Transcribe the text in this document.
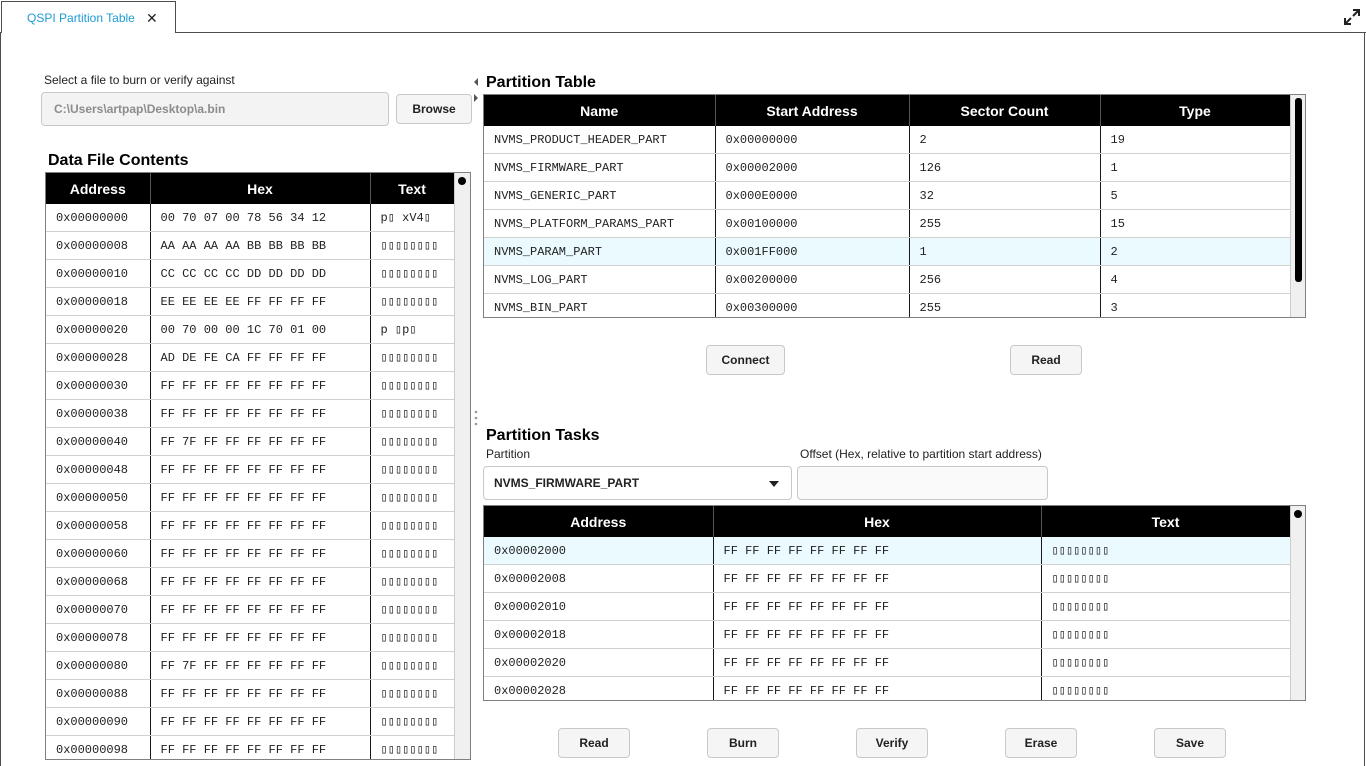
QSPI Partition Table ✕
Select a file to burn or verify against
C:\Users\artpap\Desktop\a.bin	Browse
Data File Contents
Address	Hex	Text
0x00000000	00 70 07 00 78 56 34 12	p▯ xV4▯
0x00000008	AA AA AA AA BB BB BB BB	▯▯▯▯▯▯▯▯
0x00000010	CC CC CC CC DD DD DD DD	▯▯▯▯▯▯▯▯
0x00000018	EE EE EE EE FF FF FF FF	▯▯▯▯▯▯▯▯
0x00000020	00 70 00 00 1C 70 01 00	p ▯p▯
0x00000028	AD DE FE CA FF FF FF FF	▯▯▯▯▯▯▯▯
0x00000030	FF FF FF FF FF FF FF FF	▯▯▯▯▯▯▯▯
0x00000038	FF FF FF FF FF FF FF FF	▯▯▯▯▯▯▯▯
0x00000040	FF 7F FF FF FF FF FF FF	▯▯▯▯▯▯▯▯
0x00000048	FF FF FF FF FF FF FF FF	▯▯▯▯▯▯▯▯
0x00000050	FF FF FF FF FF FF FF FF	▯▯▯▯▯▯▯▯
0x00000058	FF FF FF FF FF FF FF FF	▯▯▯▯▯▯▯▯
0x00000060	FF FF FF FF FF FF FF FF	▯▯▯▯▯▯▯▯
0x00000068	FF FF FF FF FF FF FF FF	▯▯▯▯▯▯▯▯
0x00000070	FF FF FF FF FF FF FF FF	▯▯▯▯▯▯▯▯
0x00000078	FF FF FF FF FF FF FF FF	▯▯▯▯▯▯▯▯
0x00000080	FF 7F FF FF FF FF FF FF	▯▯▯▯▯▯▯▯
0x00000088	FF FF FF FF FF FF FF FF	▯▯▯▯▯▯▯▯
0x00000090	FF FF FF FF FF FF FF FF	▯▯▯▯▯▯▯▯
0x00000098	FF FF FF FF FF FF FF FF	▯▯▯▯▯▯▯▯
Partition Table
Name	Start Address	Sector Count	Type
NVMS_PRODUCT_HEADER_PART	0x00000000	2	19
NVMS_FIRMWARE_PART	0x00002000	126	1
NVMS_GENERIC_PART	0x000E0000	32	5
NVMS_PLATFORM_PARAMS_PART	0x00100000	255	15
NVMS_PARAM_PART	0x001FF000	1	2
NVMS_LOG_PART	0x00200000	256	4
NVMS_BIN_PART	0x00300000	255	3
Connect	Read
Partition Tasks
Partition	Offset (Hex, relative to partition start address)
NVMS_FIRMWARE_PART
Address	Hex	Text
0x00002000	FF FF FF FF FF FF FF FF	▯▯▯▯▯▯▯▯
0x00002008	FF FF FF FF FF FF FF FF	▯▯▯▯▯▯▯▯
0x00002010	FF FF FF FF FF FF FF FF	▯▯▯▯▯▯▯▯
0x00002018	FF FF FF FF FF FF FF FF	▯▯▯▯▯▯▯▯
0x00002020	FF FF FF FF FF FF FF FF	▯▯▯▯▯▯▯▯
0x00002028	FF FF FF FF FF FF FF FF	▯▯▯▯▯▯▯▯
Read	Burn	Verify	Erase	Save
